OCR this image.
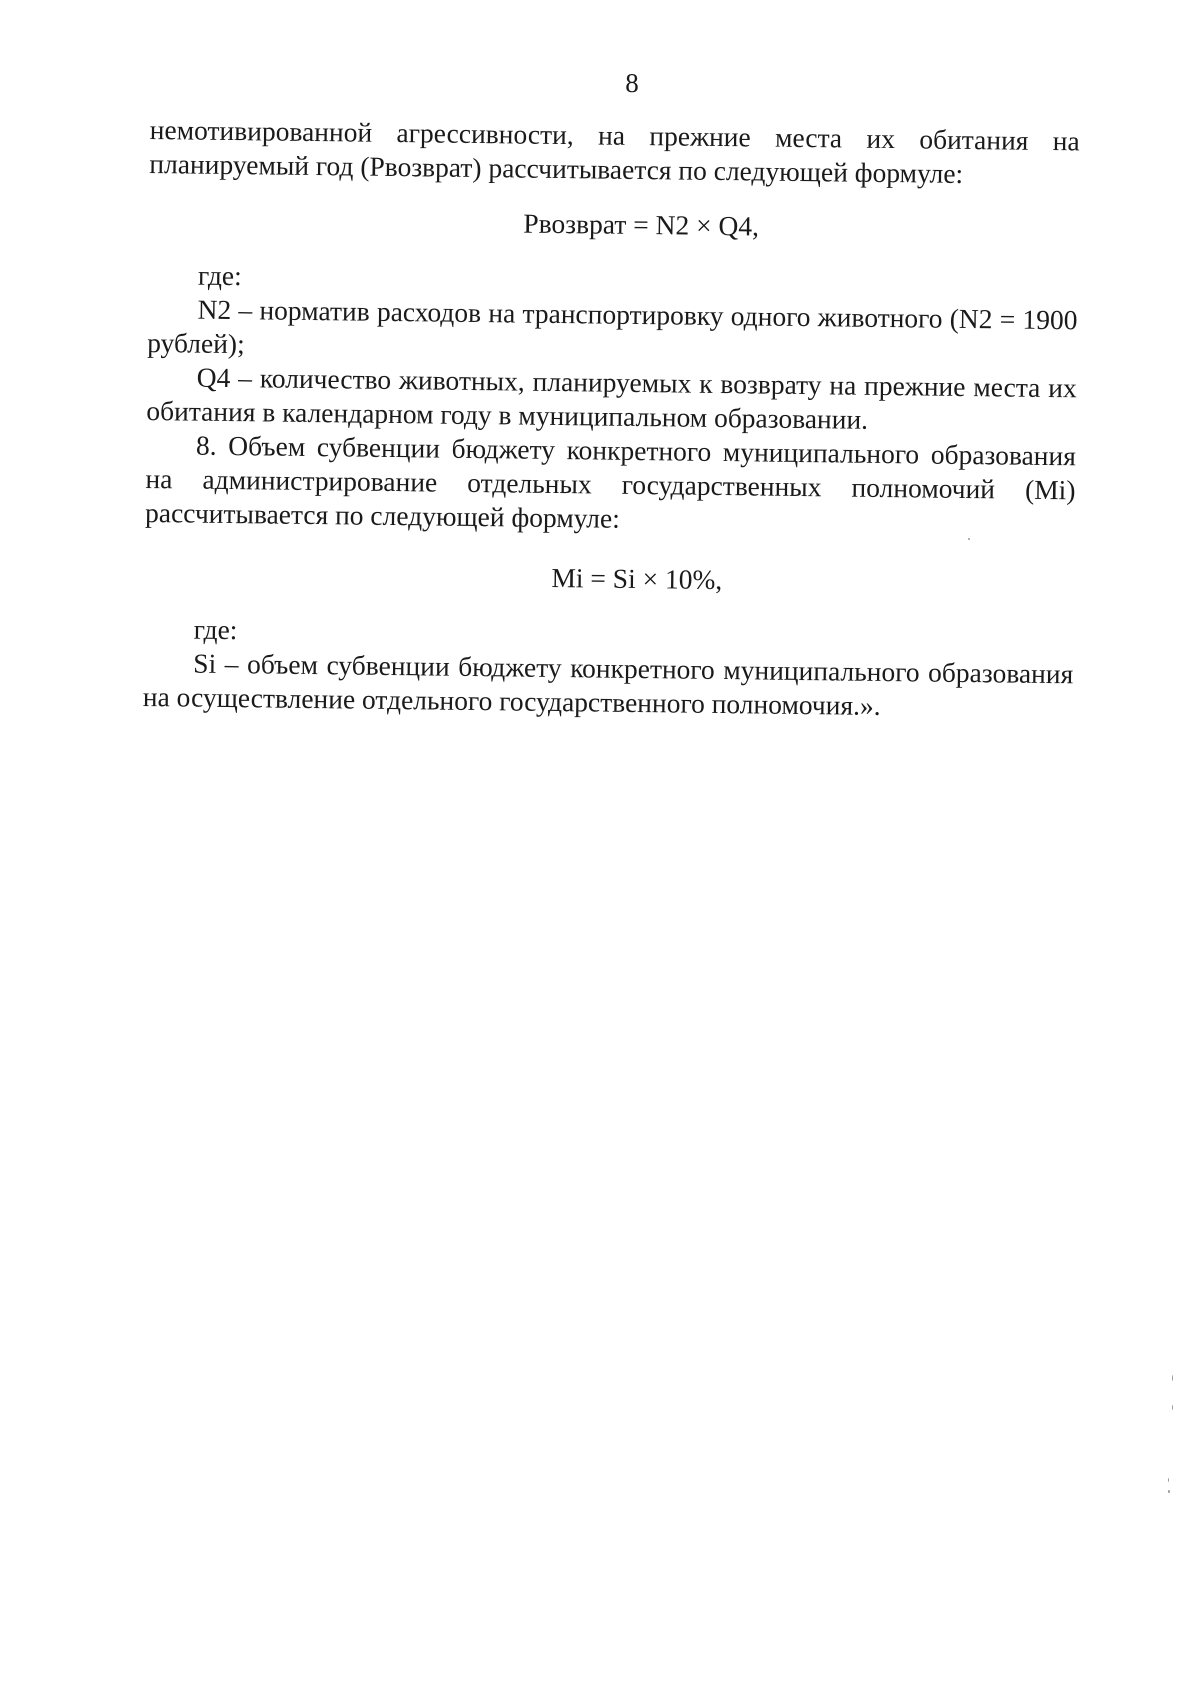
8

немотивированной агрессивности, на прежние места их обитания на планируемый год (Pвозврат) рассчитывается по следующей формуле:

Pвозврат = N2 × Q4,

где:

N2 – норматив расходов на транспортировку одного животного (N2 = 1900 рублей);

Q4 – количество животных, планируемых к возврату на прежние места их обитания в календарном году в муниципальном образовании.

8. Объем субвенции бюджету конкретного муниципального образования на администрирование отдельных государственных полномочий (Mi) рассчитывается по следующей формуле:

Mi = Si × 10%,

где:

Si – объем субвенции бюджету конкретного муниципального образования на осуществление отдельного государственного полномочия.».
